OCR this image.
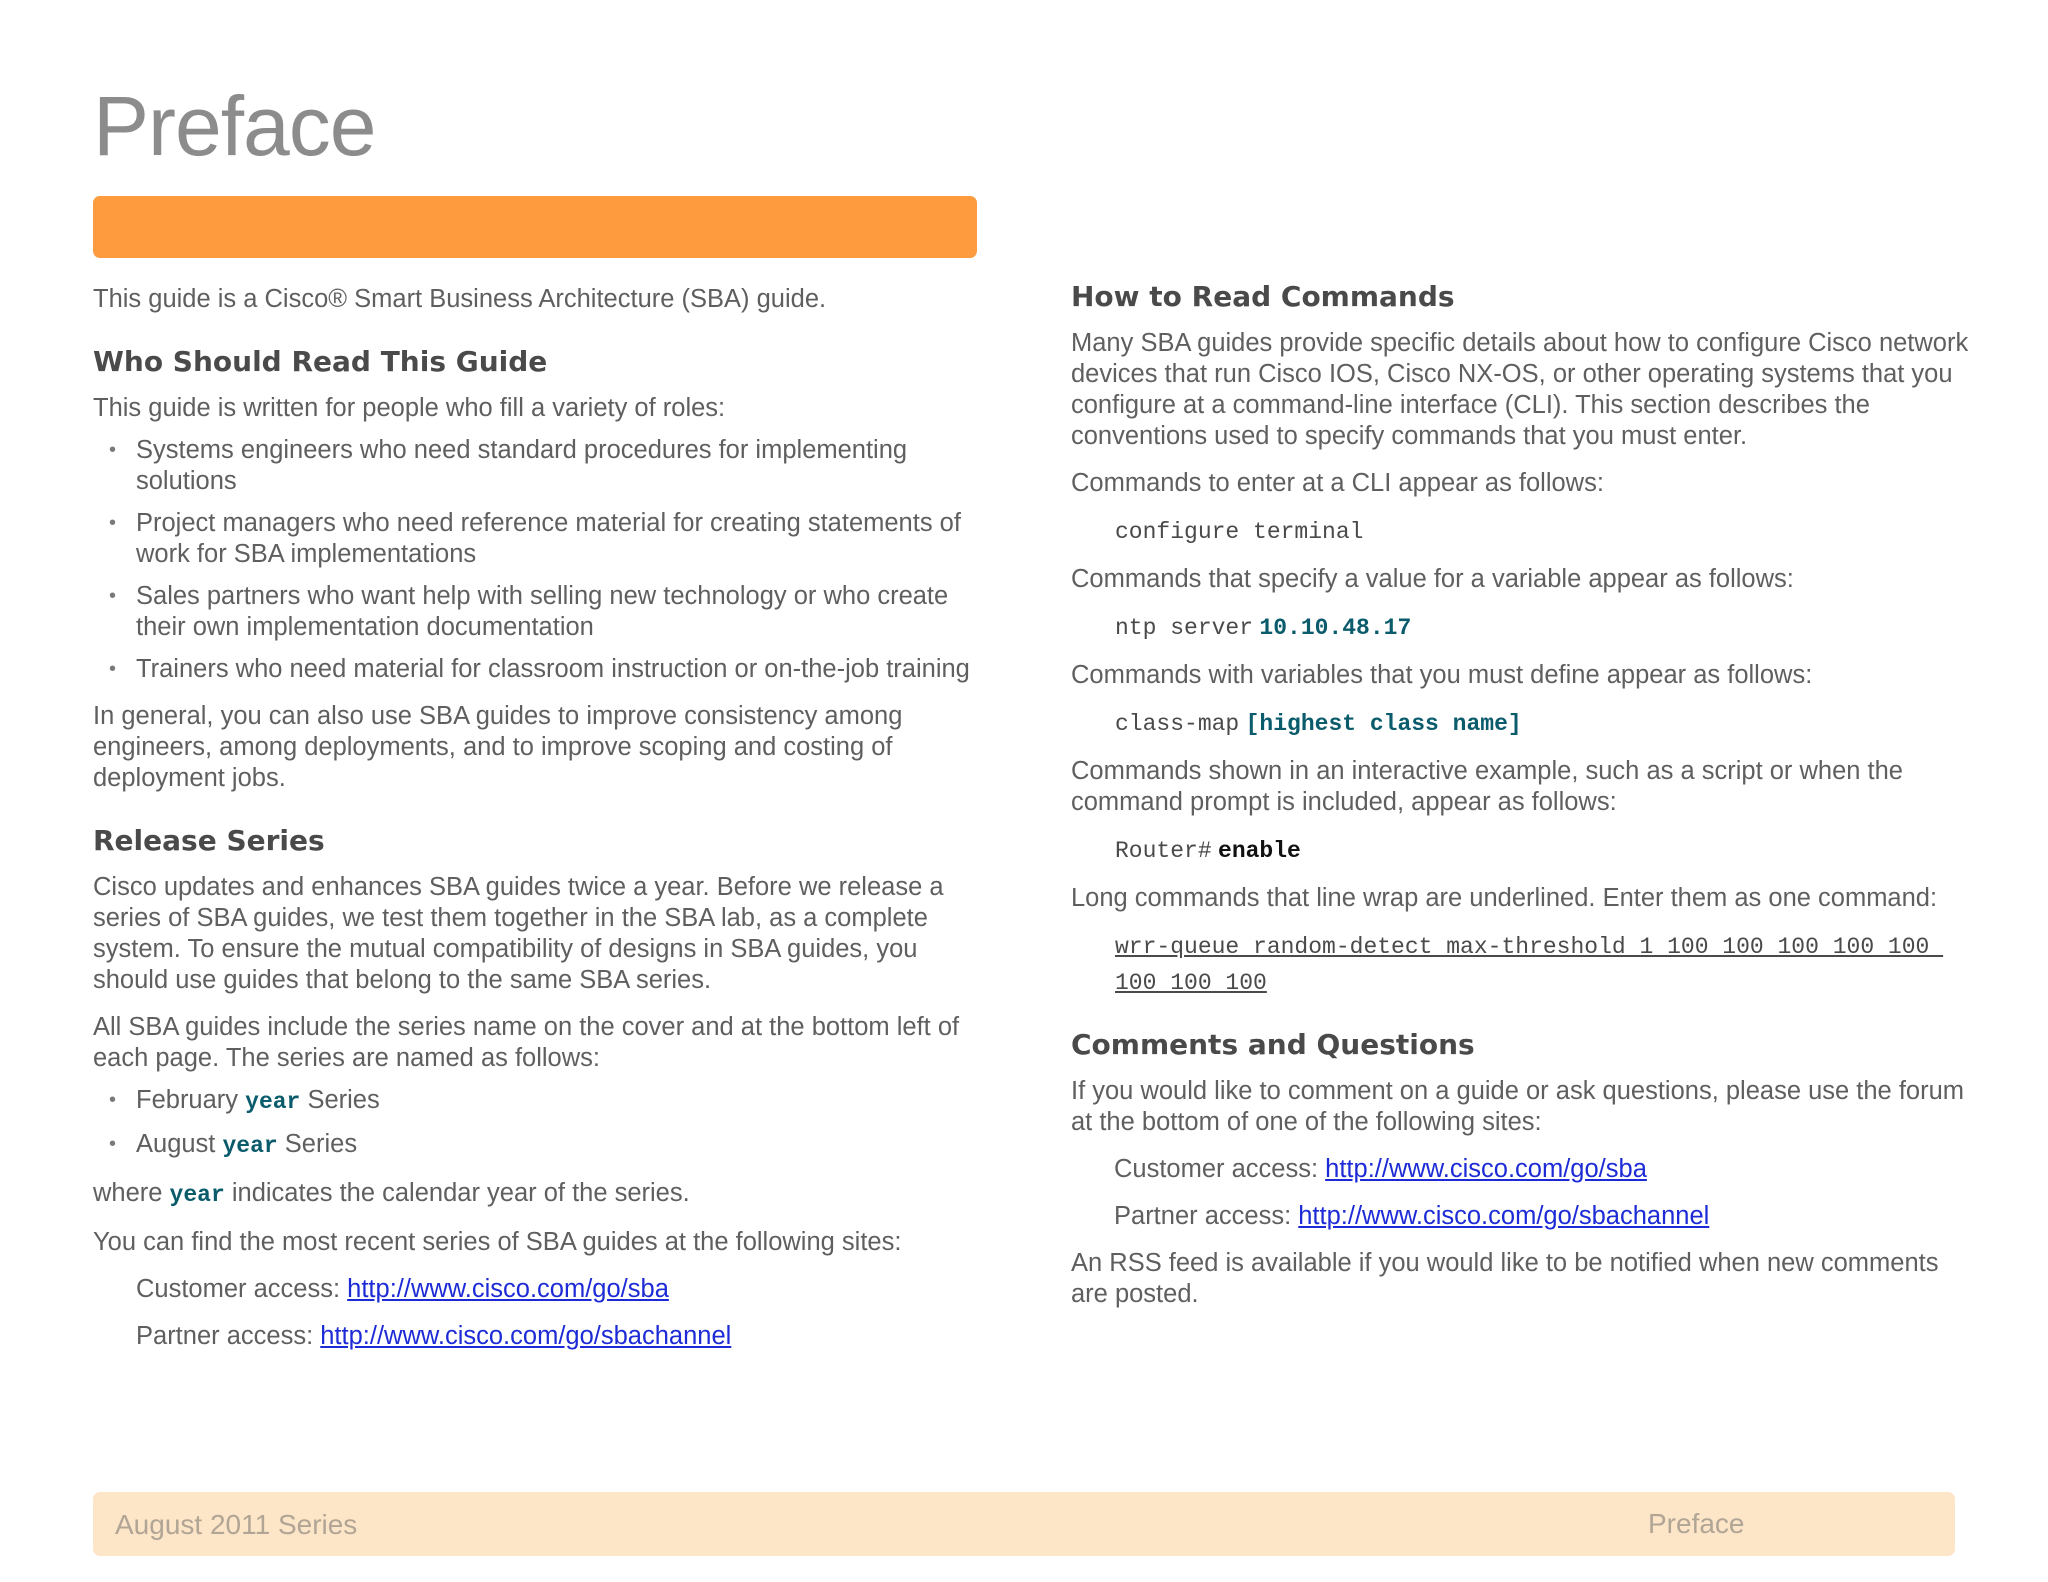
Preface

This guide is a Cisco® Smart Business Architecture (SBA) guide.

Who Should Read This Guide

This guide is written for people who fill a variety of roles:

• Systems engineers who need standard procedures for implementing solutions
• Project managers who need reference material for creating statements of work for SBA implementations
• Sales partners who want help with selling new technology or who create their own implementation documentation
• Trainers who need material for classroom instruction or on-the-job training

In general, you can also use SBA guides to improve consistency among engineers, among deployments, and to improve scoping and costing of deployment jobs.

Release Series

Cisco updates and enhances SBA guides twice a year. Before we release a series of SBA guides, we test them together in the SBA lab, as a complete system. To ensure the mutual compatibility of designs in SBA guides, you should use guides that belong to the same SBA series.

All SBA guides include the series name on the cover and at the bottom left of each page. The series are named as follows:

• February year Series
• August year Series

where year indicates the calendar year of the series.

You can find the most recent series of SBA guides at the following sites:

Customer access: http://www.cisco.com/go/sba

Partner access: http://www.cisco.com/go/sbachannel

How to Read Commands

Many SBA guides provide specific details about how to configure Cisco network devices that run Cisco IOS, Cisco NX-OS, or other operating systems that you configure at a command-line interface (CLI). This section describes the conventions used to specify commands that you must enter.

Commands to enter at a CLI appear as follows:

configure terminal

Commands that specify a value for a variable appear as follows:

ntp server 10.10.48.17

Commands with variables that you must define appear as follows:

class-map [highest class name]

Commands shown in an interactive example, such as a script or when the command prompt is included, appear as follows:

Router# enable

Long commands that line wrap are underlined. Enter them as one command:

wrr-queue random-detect max-threshold 1 100 100 100 100 100
100 100 100
Comments and Questions

If you would like to comment on a guide or ask questions, please use the forum at the bottom of one of the following sites:

Customer access: http://www.cisco.com/go/sba

Partner access: http://www.cisco.com/go/sbachannel

An RSS feed is available if you would like to be notified when new comments are posted.

August 2011 Series	Preface
